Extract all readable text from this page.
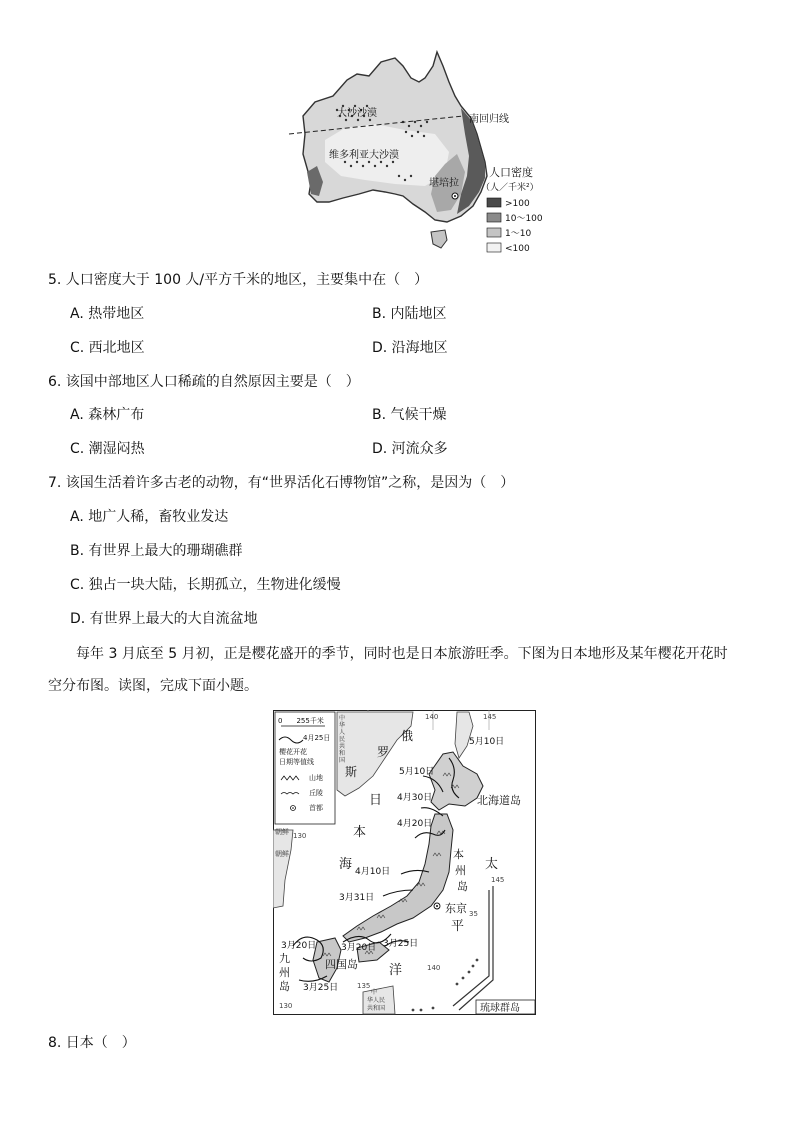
大沙沙漠
维多利亚大沙漠
南回归线
堪培拉
人口密度
（人／千米²）
>100
10～100
1～10
<100
5. 人口密度大于 100 人/平方千米的地区，主要集中在（　）
A. 热带地区	B. 内陆地区
C. 西北地区	D. 沿海地区
6. 该国中部地区人口稀疏的自然原因主要是（　）
A. 森林广布	B. 气候干燥
C. 潮湿闷热	D. 河流众多
7. 该国生活着许多古老的动物，有“世界活化石博物馆”之称，是因为（　）
A. 地广人稀，畜牧业发达
B. 有世界上最大的珊瑚礁群
C. 独占一块大陆，长期孤立，生物进化缓慢
D. 有世界上最大的大自流盆地
每年 3 月底至 5 月初，正是樱花盛开的季节，同时也是日本旅游旺季。下图为日本地形及某年樱花开花时空分布图。读图，完成下面小题。
140	145
130
0　　255千米
4月25日
樱花开花
日期等值线
山地
丘陵
首都
中
华
人
民
共
和
国
俄
罗
斯
朝鲜
朝鲜
中
华人民
共和国
日
本
海	太
平
洋
北海道岛
本
州
岛
四国岛
九
州
岛
琉球群岛
东京
5月10日
5月10日
4月30日
4月20日
4月10日
3月31日
3月20日	3月20日 3月25日
3月25日	135
140
145
130
35
8. 日本（　）
